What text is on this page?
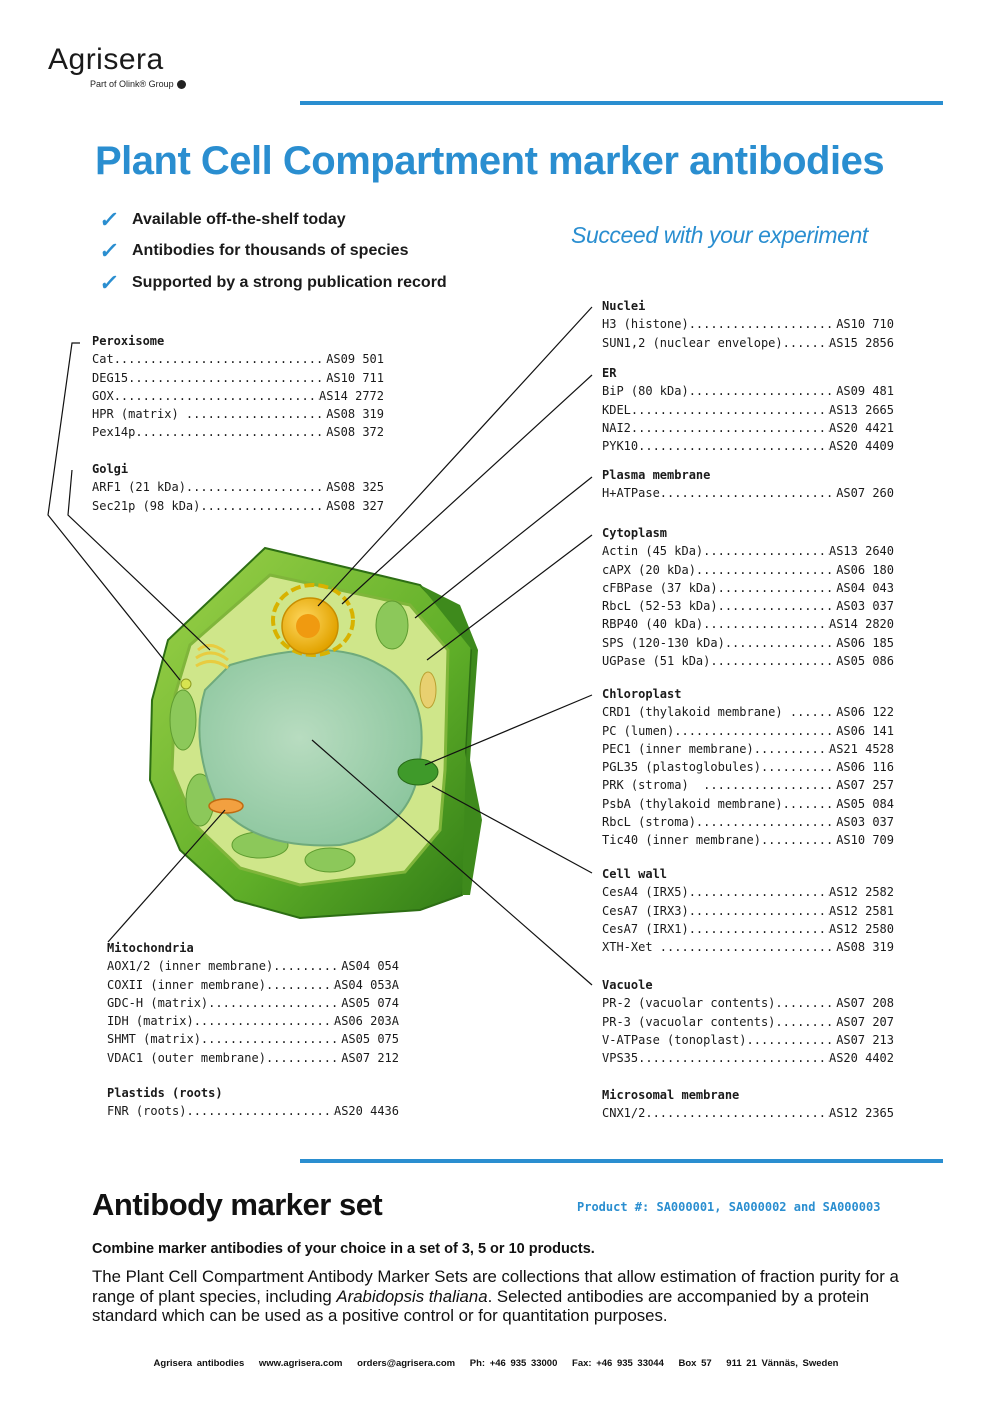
Agrisera
Part of Olink® Group
Plant Cell Compartment marker antibodies
✓ Available off-the-shelf today
✓ Antibodies for thousands of species
✓ Supported by a strong publication record
Succeed with your experiment
Peroxisome
Cat .....	AS09 501
DEG15 .....	AS10 711
GOX .....	AS14 2772
HPR (matrix) .....	AS08 319
Pex14p .....	AS08 372
Golgi
ARF1 (21 kDa) .....	AS08 325
Sec21p (98 kDa) .....	AS08 327
Mitochondria
AOX1/2 (inner membrane) .....	AS04 054
COXII (inner membrane) .....	AS04 053A
GDC-H (matrix) .....	AS05 074
IDH (matrix) .....	AS06 203A
SHMT (matrix) .....	AS05 075
VDAC1 (outer membrane) .....	AS07 212
Plastids (roots)
FNR (roots) .....	AS20 4436
Nuclei
H3 (histone) .....	AS10 710
SUN1,2 (nuclear envelope) .....	AS15 2856
ER
BiP (80 kDa) .....	AS09 481
KDEL .....	AS13 2665
NAI2 .....	AS20 4421
PYK10 .....	AS20 4409
Plasma membrane
H+ATPase .....	AS07 260
Cytoplasm
Actin (45 kDa) .....	AS13 2640
cAPX (20 kDa) .....	AS06 180
cFBPase (37 kDa) .....	AS04 043
RbcL (52-53 kDa) .....	AS03 037
RBP40 (40 kDa) .....	AS14 2820
SPS (120-130 kDa) .....	AS06 185
UGPase (51 kDa) .....	AS05 086
Chloroplast
CRD1 (thylakoid membrane) .....	AS06 122
PC (lumen) .....	AS06 141
PEC1 (inner membrane) .....	AS21 4528
PGL35 (plastoglobules) .....	AS06 116
PRK (stroma) .....	AS07 257
PsbA (thylakoid membrane) .....	AS05 084
RbcL (stroma) .....	AS03 037
Tic40 (inner membrane) .....	AS10 709
Cell wall
CesA4 (IRX5) .....	AS12 2582
CesA7 (IRX3) .....	AS12 2581
CesA7 (IRX1) .....	AS12 2580
XTH-Xet .....	AS08 319
Vacuole
PR-2 (vacuolar contents) .....	AS07 208
PR-3 (vacuolar contents) .....	AS07 207
V-ATPase (tonoplast) .....	AS07 213
VPS35 .....	AS20 4402
Microsomal membrane
CNX1/2 .....	AS12 2365
Antibody marker set	Product #: SA000001, SA000002 and SA000003
Combine marker antibodies of your choice in a set of 3, 5 or 10 products.
The Plant Cell Compartment Antibody Marker Sets are collections that allow estimation of fraction purity for a range of plant species, including Arabidopsis thaliana. Selected antibodies are accompanied by a protein standard which can be used as a positive control or for quantitation purposes.
Agrisera antibodies www.agrisera.com orders@agrisera.com Ph: +46 935 33000 Fax: +46 935 33044 Box 57 911 21 Vännäs, Sweden
